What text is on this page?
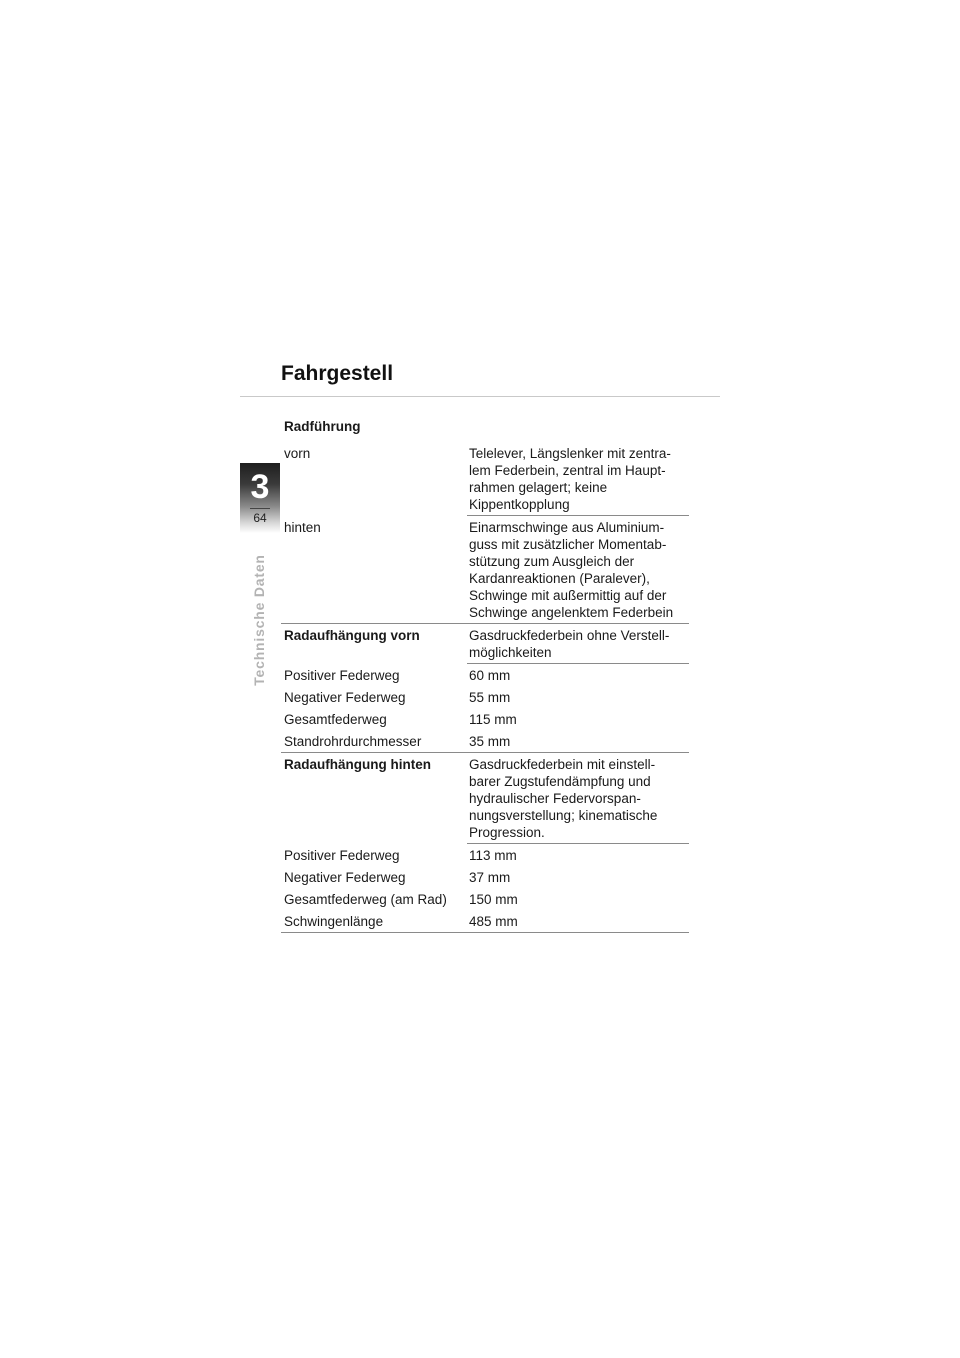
Fahrgestell
3
64
Technische Daten
Radführung
vorn	Telelever, Längslenker mit zentra-
lem Federbein, zentral im Haupt-
rahmen gelagert; keine
Kippentkopplung
hinten	Einarmschwinge aus Aluminium-
guss mit zusätzlicher Momentab-
stützung zum Ausgleich der
Kardanreaktionen (Paralever),
Schwinge mit außermittig auf der
Schwinge angelenktem Federbein
Radaufhängung vorn	Gasdruckfederbein ohne Verstell-
möglichkeiten
Positiver Federweg	60 mm
Negativer Federweg	55 mm
Gesamtfederweg	115 mm
Standrohrdurchmesser	35 mm
Radaufhängung hinten	Gasdruckfederbein mit einstell-
barer Zugstufendämpfung und
hydraulischer Federvorspan-
nungsverstellung; kinematische
Progression.
Positiver Federweg	113 mm
Negativer Federweg	37 mm
Gesamtfederweg (am Rad)	150 mm
Schwingenlänge	485 mm
